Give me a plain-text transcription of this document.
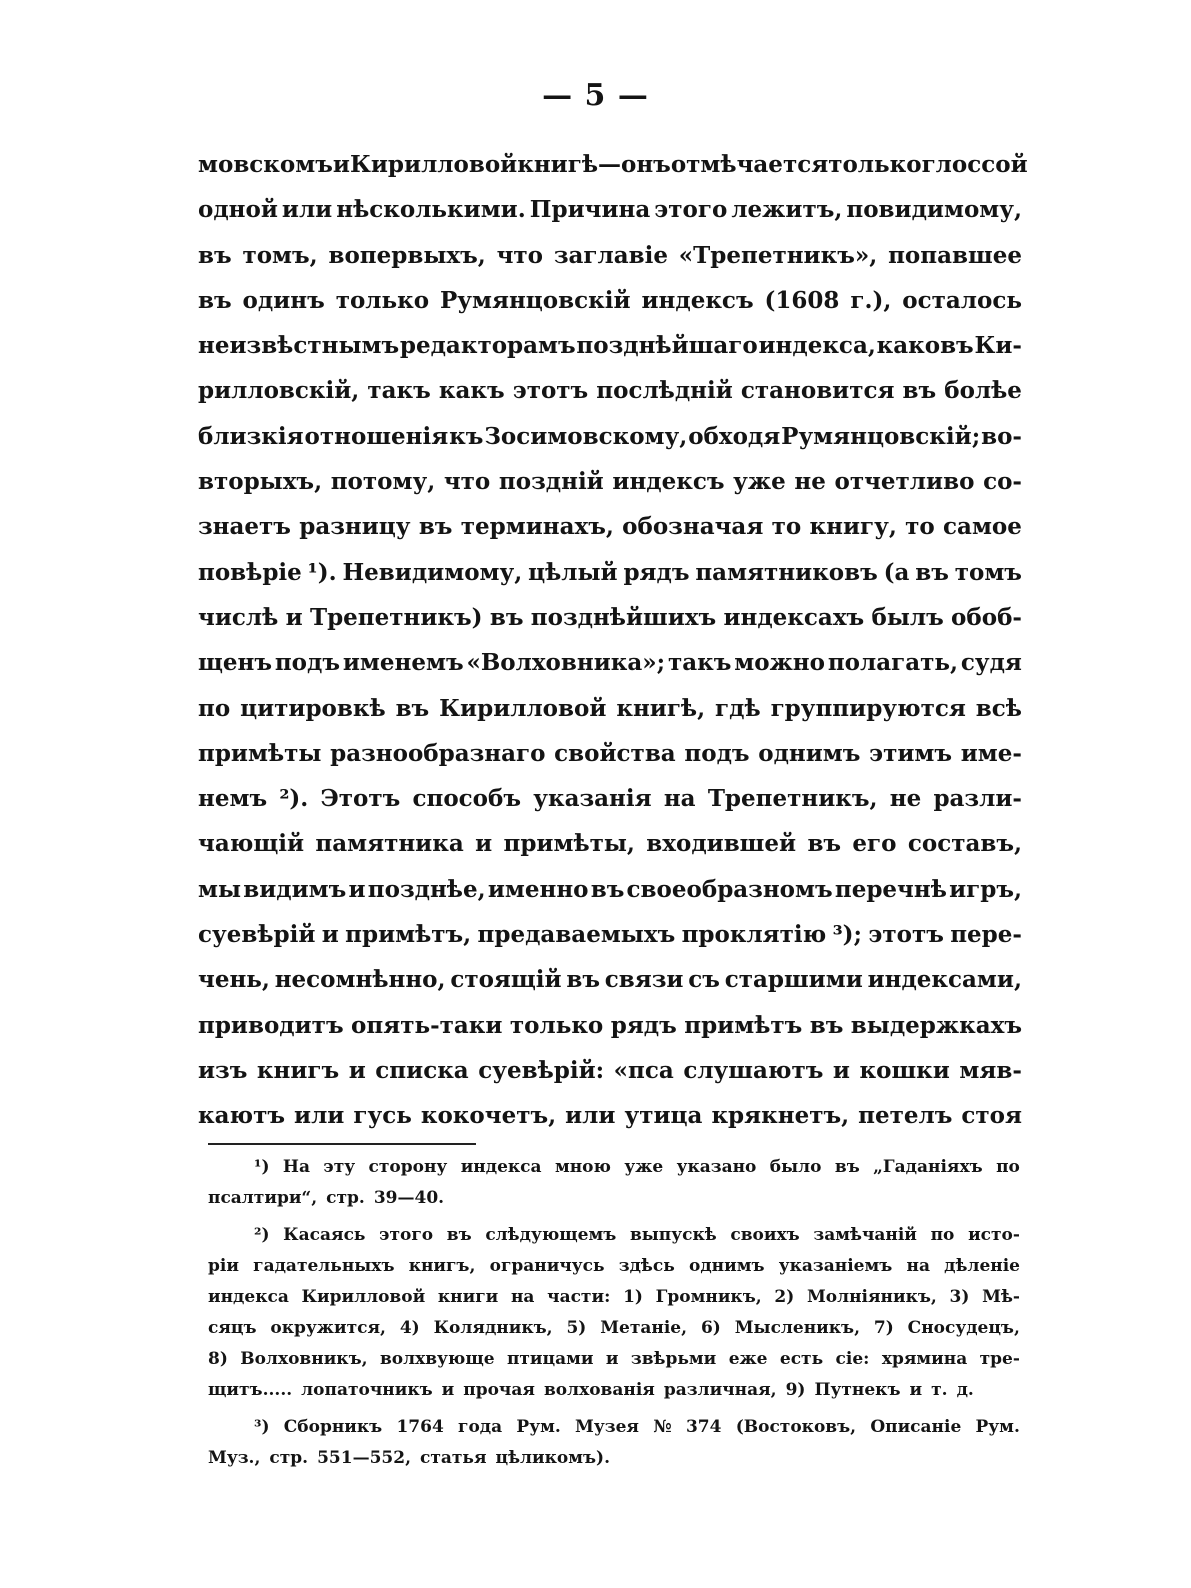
— 5 —
мовскомъ и Кирилловой книгѣ—онъ отмѣчается только глоссой
одной или нѣсколькими. Причина этого лежитъ, повидимому,
въ томъ, вопервыхъ, что заглавіе «Трепетникъ», попавшее
въ одинъ только Румянцовскій индексъ (1608 г.), осталось
неизвѣстнымъ редакторамъ позднѣйшаго индекса, каковъ Ки-
рилловскій, такъ какъ этотъ послѣдній становится въ болѣе
близкія отношенія къ Зосимовскому, обходя Румянцовскій; во-
вторыхъ, потому, что поздній индексъ уже не отчетливо со-
знаетъ разницу въ терминахъ, обозначая то книгу, то самое
повѣріе ¹). Невидимому, цѣлый рядъ памятниковъ (а въ томъ
числѣ и Трепетникъ) въ позднѣйшихъ индексахъ былъ обоб-
щенъ подъ именемъ «Волховника»; такъ можно полагать, судя
по цитировкѣ въ Кирилловой книгѣ, гдѣ группируются всѣ
примѣты разнообразнаго свойства подъ однимъ этимъ име-
немъ ²). Этотъ способъ указанія на Трепетникъ, не разли-
чающій памятника и примѣты, входившей въ его составъ,
мы видимъ и позднѣе, именно въ своеобразномъ перечнѣ игръ,
суевѣрій и примѣтъ, предаваемыхъ проклятію ³); этотъ пере-
чень, несомнѣнно, стоящій въ связи съ старшими индексами,
приводитъ опять-таки только рядъ примѣтъ въ выдержкахъ
изъ книгъ и списка суевѣрій: «пса слушаютъ и кошки мяв-
каютъ или гусь кокочетъ, или утица крякнетъ, петелъ стоя
¹) На эту сторону индекса мною уже указано было въ „Гаданіяхъ по
псалтири“, стр. 39—40.
²) Касаясь этого въ слѣдующемъ выпускѣ своихъ замѣчаній по исто-
ріи гадательныхъ книгъ, ограничусь здѣсь однимъ указаніемъ на дѣленіе
индекса Кирилловой книги на части: 1) Громникъ, 2) Молніяникъ, 3) Мѣ-
сяцъ окружится, 4) Колядникъ, 5) Метаніе, 6) Мысленикъ, 7) Сносудецъ,
8) Волховникъ, волхвующе птицами и звѣрьми еже есть сіе: хрямина тре-
щитъ..... лопаточникъ и прочая волхованія различная, 9) Путнекъ и т. д.
³) Сборникъ 1764 года Рум. Музея № 374 (Востоковъ, Описаніе Рум.
Муз., стр. 551—552, статья цѣликомъ).
